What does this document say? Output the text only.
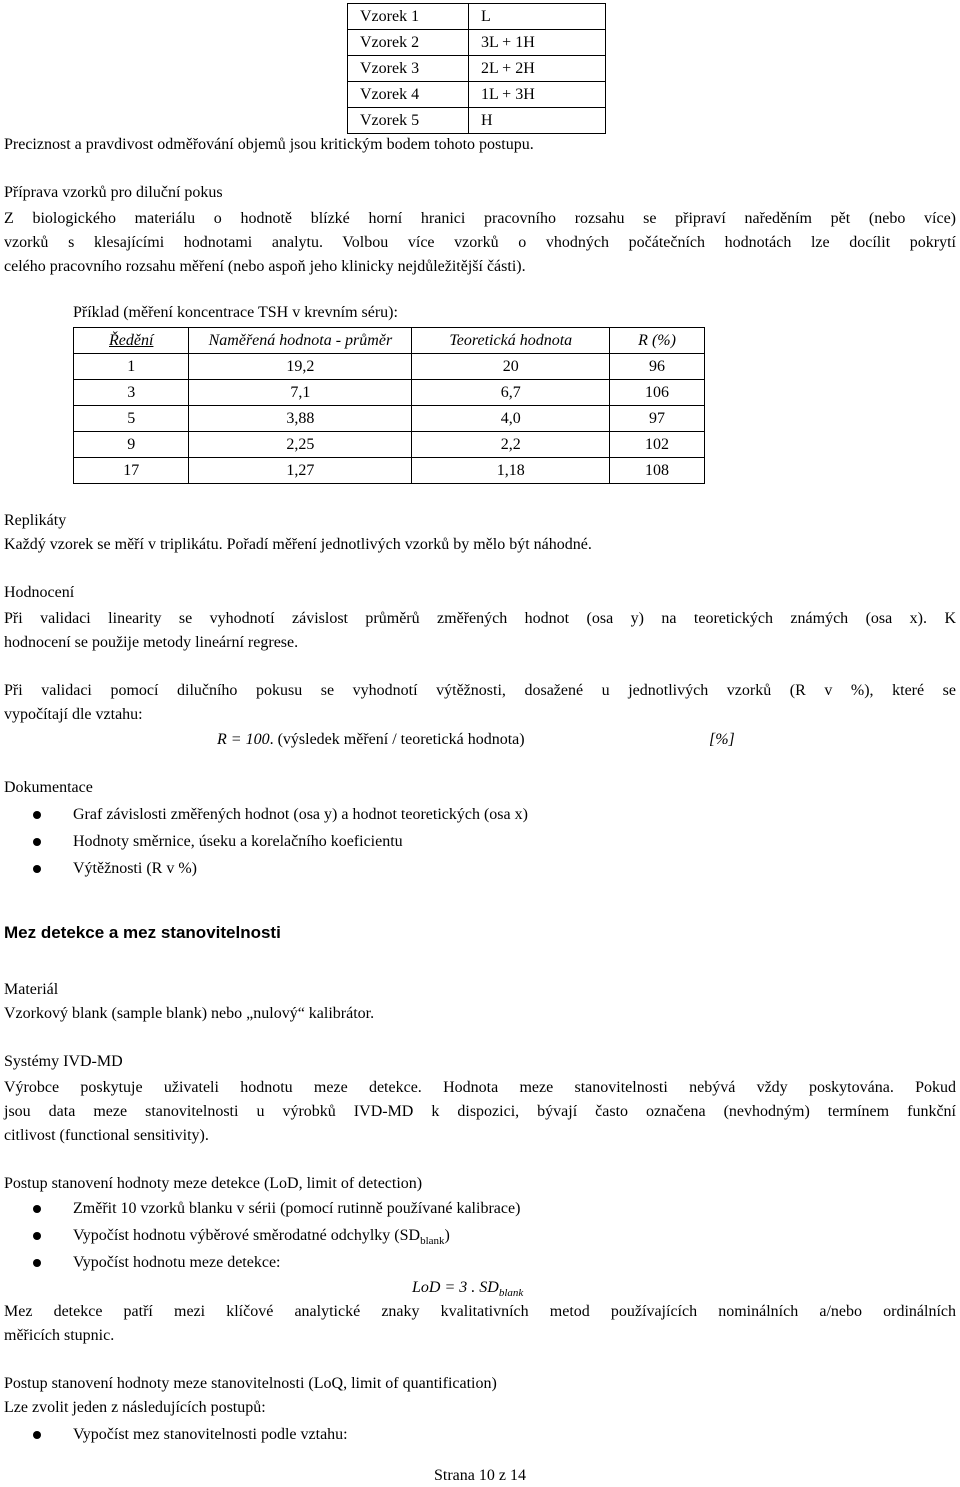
Vzorek 1	L
Vzorek 2	3L + 1H
Vzorek 3	2L + 2H
Vzorek 4	1L + 3H
Vzorek 5	H
Preciznost a pravdivost odměřování objemů jsou kritickým bodem tohoto postupu.
Příprava vzorků pro diluční pokus
Z biologického materiálu o hodnotě blízké horní hranici pracovního rozsahu se připraví naředěním pět (nebo více)
vzorků s klesajícími hodnotami analytu. Volbou více vzorků o vhodných počátečních hodnotách lze docílit pokrytí
celého pracovního rozsahu měření (nebo aspoň jeho klinicky nejdůležitější části).
Příklad (měření koncentrace TSH v krevním séru):
Ředění	Naměřená hodnota - průměr	Teoretická hodnota	R (%)
1	19,2	20	96
3	7,1	6,7	106
5	3,88	4,0	97
9	2,25	2,2	102
17	1,27	1,18	108
Replikáty
Každý vzorek se měří v triplikátu. Pořadí měření jednotlivých vzorků by mělo být náhodné.
Hodnocení
Při validaci linearity se vyhodnotí závislost průměrů změřených hodnot (osa y) na teoretických známých (osa x). K
hodnocení se použije metody lineární regrese.
Při validaci pomocí dilučního pokusu se vyhodnotí výtěžnosti, dosažené u jednotlivých vzorků (R v %), které se
vypočítají dle vztahu:
R = 100. (výsledek měření / teoretická hodnota)	[%]
Dokumentace
Graf závislosti změřených hodnot (osa y) a hodnot teoretických (osa x)
Hodnoty směrnice, úseku a korelačního koeficientu
Výtěžnosti (R v %)
Mez detekce a mez stanovitelnosti
Materiál
Vzorkový blank (sample blank) nebo „nulový“ kalibrátor.
Systémy IVD-MD
Výrobce poskytuje uživateli hodnotu meze detekce. Hodnota meze stanovitelnosti nebývá vždy poskytována. Pokud
jsou data meze stanovitelnosti u výrobků IVD-MD k dispozici, bývají často označena (nevhodným) termínem funkční
citlivost (functional sensitivity).
Postup stanovení hodnoty meze detekce (LoD, limit of detection)
Změřit 10 vzorků blanku v sérii (pomocí rutinně používané kalibrace)
Vypočíst hodnotu výběrové směrodatné odchylky $(SD_{blank})$
Vypočíst hodnotu meze detekce:
LoD = 3 . $SD_{blank}$
Mez detekce patří mezi klíčové analytické znaky kvalitativních metod používajících nominálních a/nebo ordinálních
měřicích stupnic.
Postup stanovení hodnoty meze stanovitelnosti (LoQ, limit of quantification)
Lze zvolit jeden z následujících postupů:
Vypočíst mez stanovitelnosti podle vztahu:
Strana 10 z 14
